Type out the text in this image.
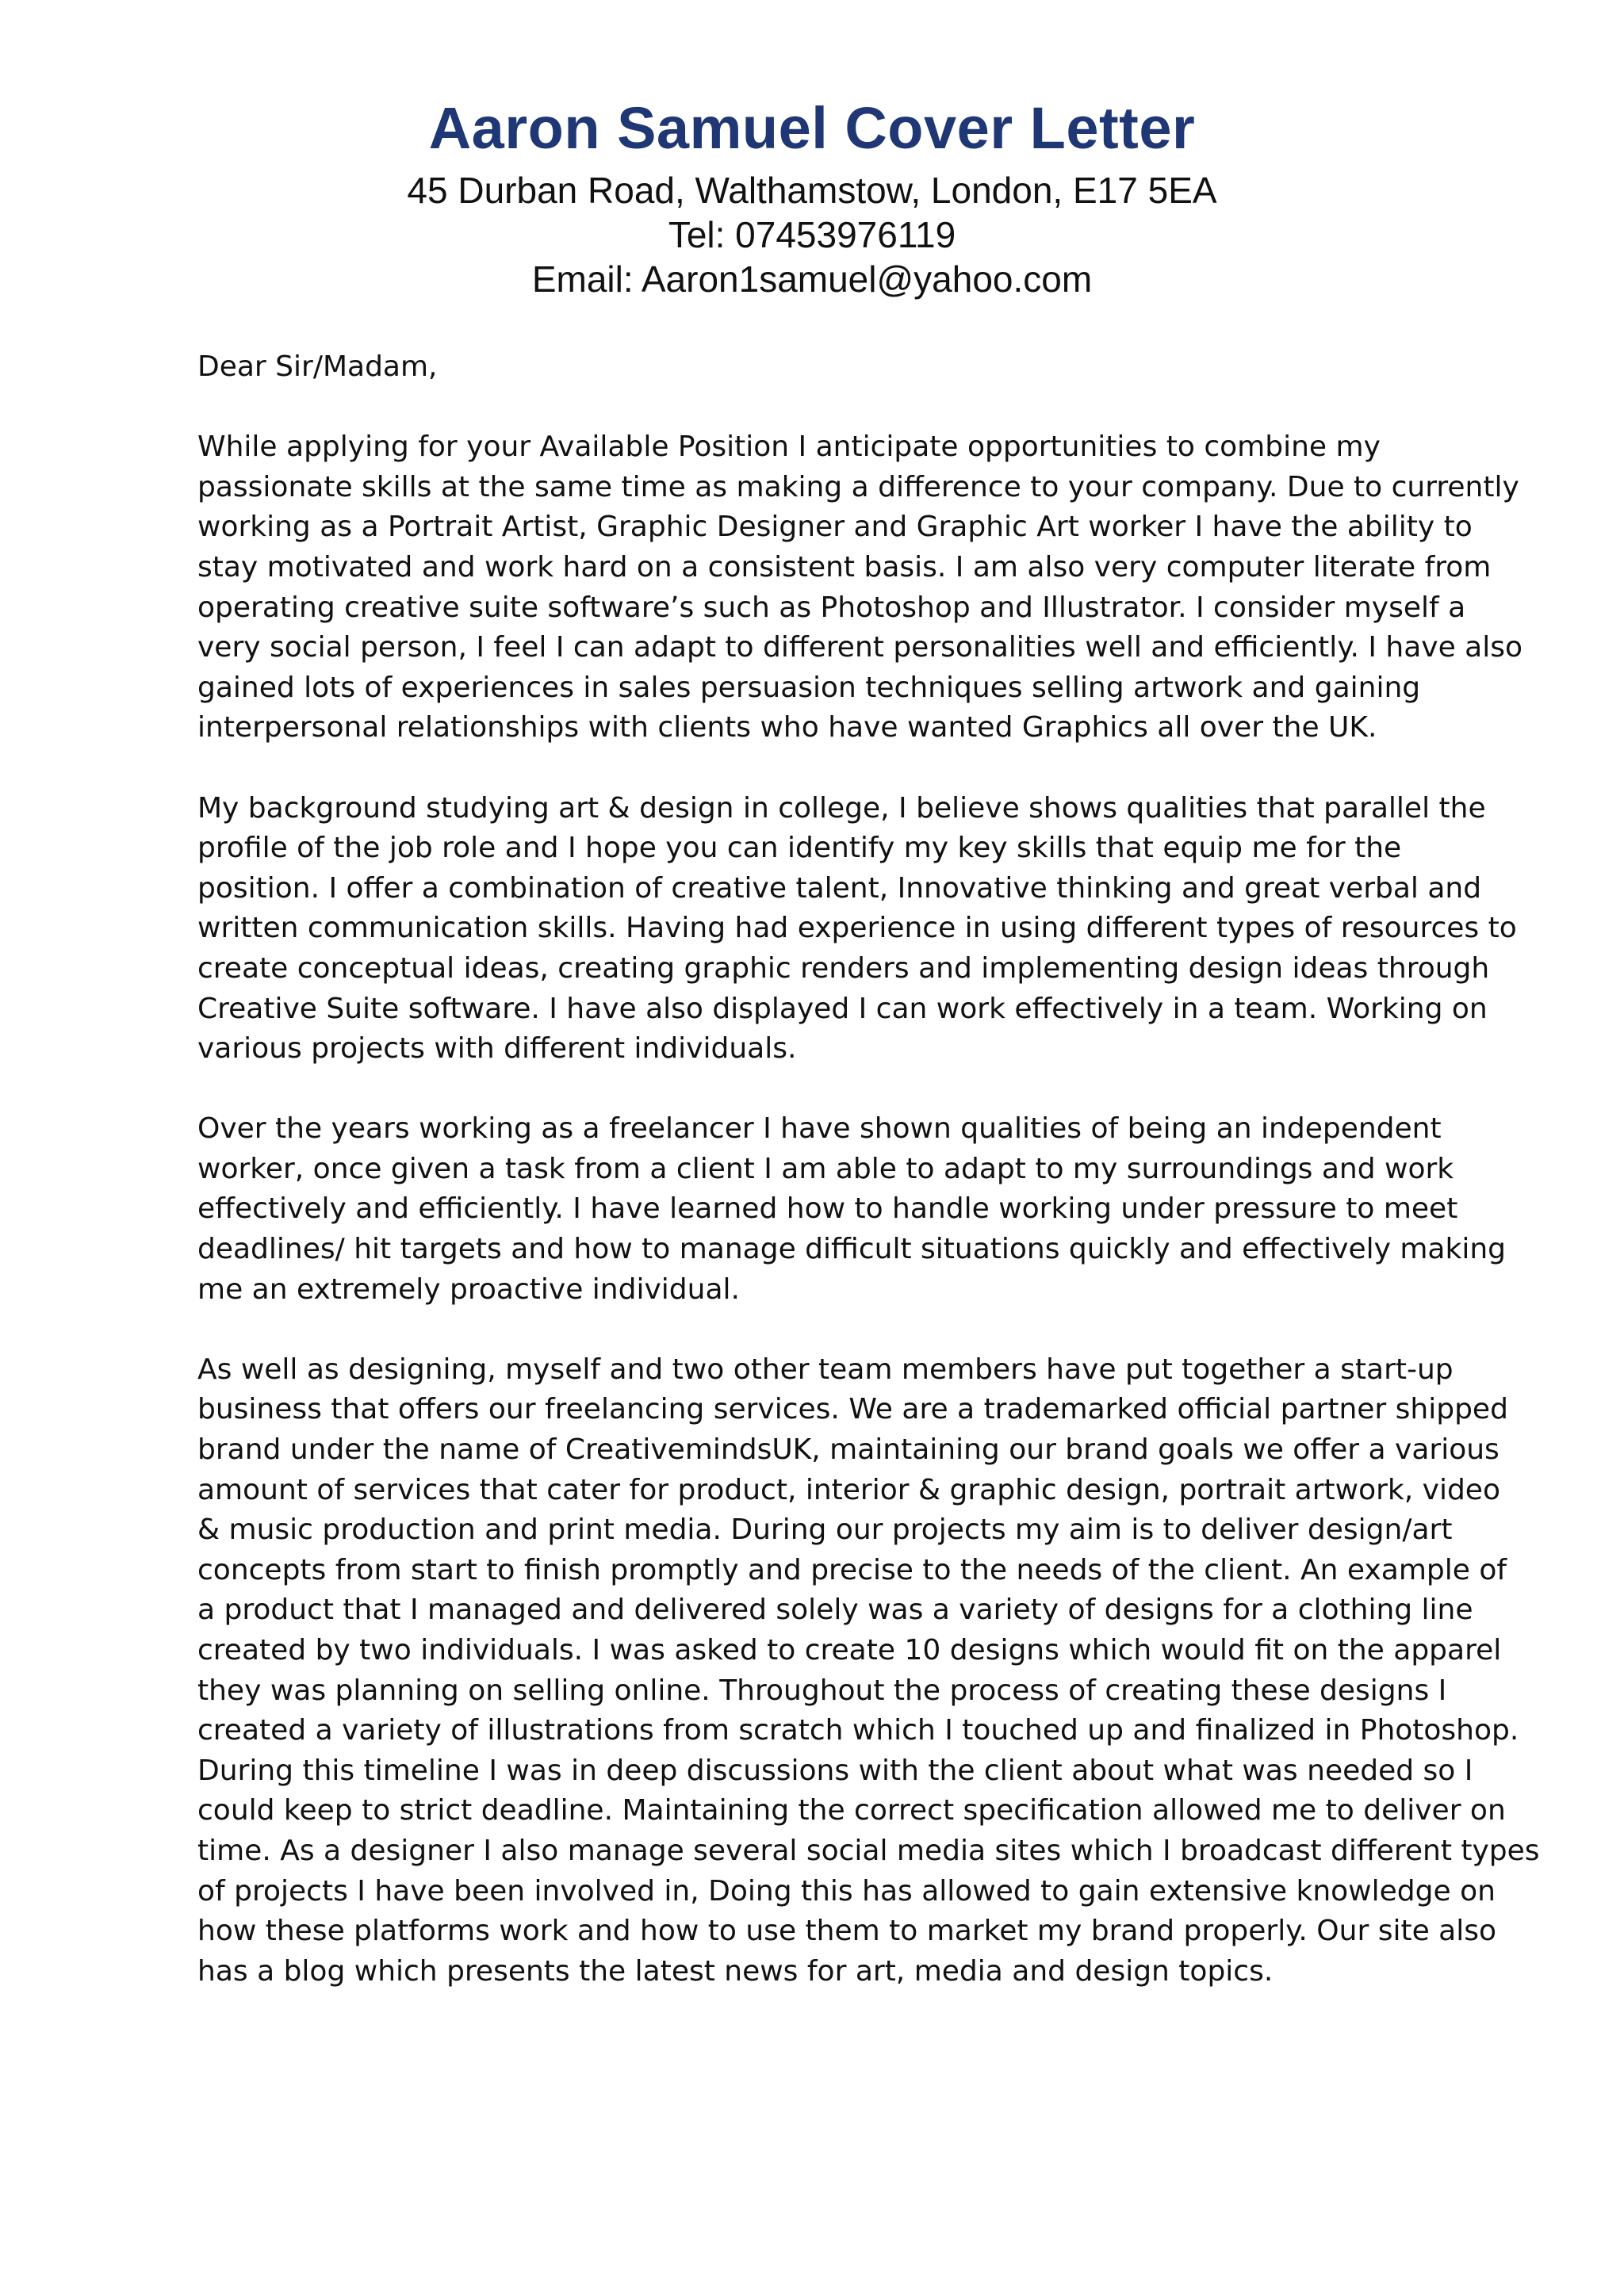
Aaron Samuel Cover Letter
45 Durban Road, Walthamstow, London, E17 5EA
Tel: 07453976119
Email: Aaron1samuel@yahoo.com
Dear Sir/Madam,
While applying for your Available Position I anticipate opportunities to combine my
passionate skills at the same time as making a difference to your company. Due to currently
working as a Portrait Artist, Graphic Designer and Graphic Art worker I have the ability to
stay motivated and work hard on a consistent basis. I am also very computer literate from
operating creative suite software’s such as Photoshop and Illustrator. I consider myself a
very social person, I feel I can adapt to different personalities well and efficiently. I have also
gained lots of experiences in sales persuasion techniques selling artwork and gaining
interpersonal relationships with clients who have wanted Graphics all over the UK.
My background studying art & design in college, I believe shows qualities that parallel the
profile of the job role and I hope you can identify my key skills that equip me for the
position. I offer a combination of creative talent, Innovative thinking and great verbal and
written communication skills. Having had experience in using different types of resources to
create conceptual ideas, creating graphic renders and implementing design ideas through
Creative Suite software. I have also displayed I can work effectively in a team. Working on
various projects with different individuals.
Over the years working as a freelancer I have shown qualities of being an independent
worker, once given a task from a client I am able to adapt to my surroundings and work
effectively and efficiently. I have learned how to handle working under pressure to meet
deadlines/ hit targets and how to manage difficult situations quickly and effectively making
me an extremely proactive individual.
As well as designing, myself and two other team members have put together a start-up
business that offers our freelancing services. We are a trademarked official partner shipped
brand under the name of CreativemindsUK, maintaining our brand goals we offer a various
amount of services that cater for product, interior & graphic design, portrait artwork, video
& music production and print media. During our projects my aim is to deliver design/art
concepts from start to finish promptly and precise to the needs of the client. An example of
a product that I managed and delivered solely was a variety of designs for a clothing line
created by two individuals. I was asked to create 10 designs which would fit on the apparel
they was planning on selling online. Throughout the process of creating these designs I
created a variety of illustrations from scratch which I touched up and finalized in Photoshop.
During this timeline I was in deep discussions with the client about what was needed so I
could keep to strict deadline. Maintaining the correct specification allowed me to deliver on
time. As a designer I also manage several social media sites which I broadcast different types
of projects I have been involved in, Doing this has allowed to gain extensive knowledge on
how these platforms work and how to use them to market my brand properly. Our site also
has a blog which presents the latest news for art, media and design topics.
